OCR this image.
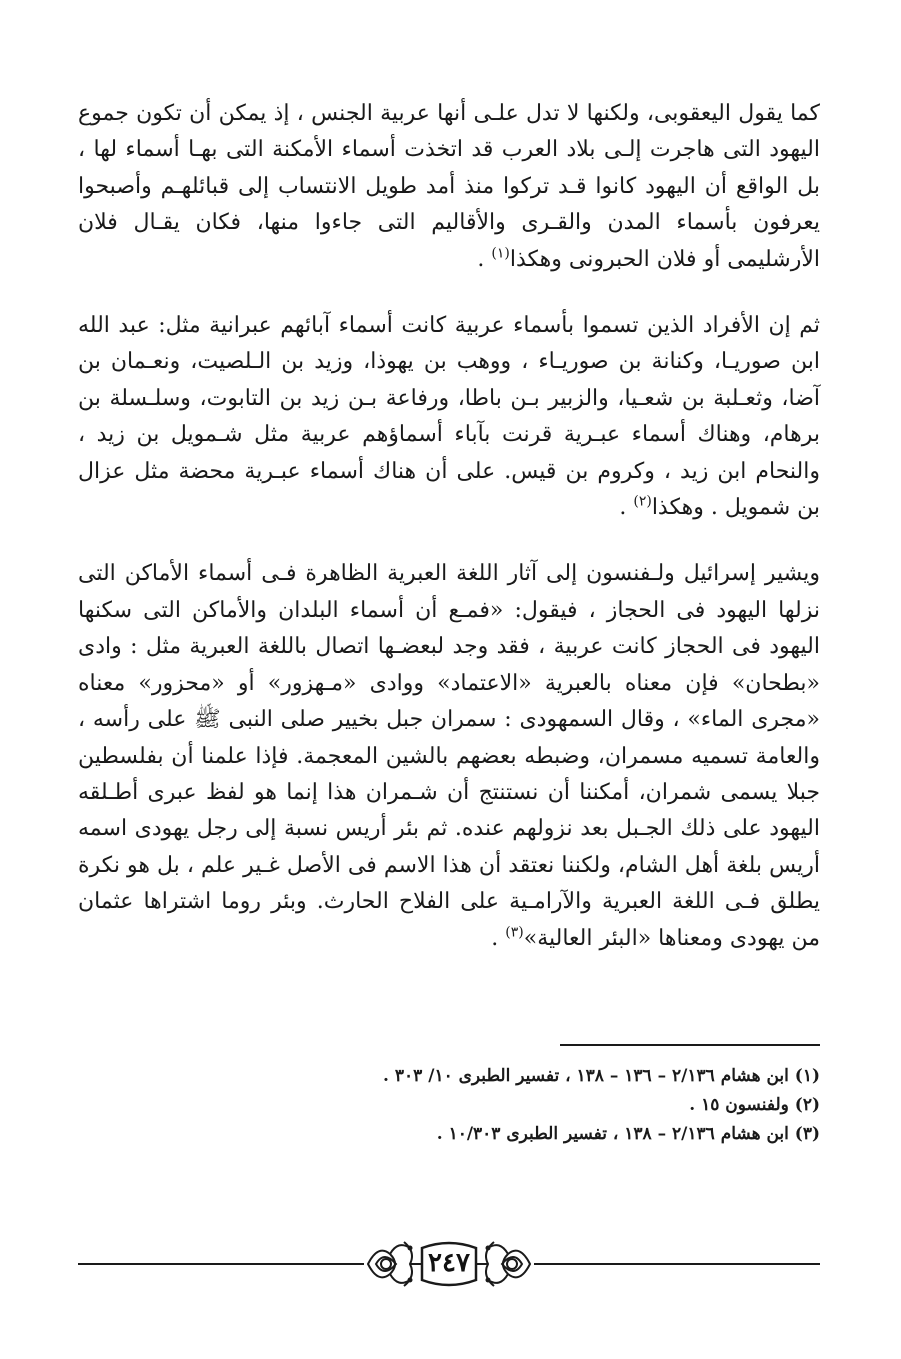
كما يقول اليعقوبى، ولكنها لا تدل علـى أنها عربية الجنس ، إذ يمكن أن تكون جموع اليهود التى هاجرت إلـى بلاد العرب قد اتخذت أسماء الأمكنة التى بهـا أسماء لها ، بل الواقع أن اليهود كانوا قـد تركوا منذ أمد طويل الانتساب إلى قبائلهـم وأصبحوا يعرفون بأسماء المدن والقـرى والأقاليم التى جاءوا منها، فكان يقـال فلان الأرشليمى أو فلان الحبرونى وهكذا$^{(١)}$ .

ثم إن الأفراد الذين تسموا بأسماء عربية كانت أسماء آبائهم عبرانية مثل: عبد الله ابن صوريـا، وكنانة بن صوريـاء ، ووهب بن يهوذا، وزيد بن الـلصيت، ونعـمان بن آضا، وثعـلبة بن شعـيا، والزبير بـن باطا، ورفاعة بـن زيد بن التابوت، وسلـسلة بن برهام، وهناك أسماء عبـرية قرنت بآباء أسماؤهم عربية مثل شـمويل بن زيد ، والنحام ابن زيد ، وكروم بن قيس. على أن هناك أسماء عبـرية محضة مثل عزال بن شمويل . وهكذا$^{(٢)}$ .

ويشير إسرائيل ولـفنسون إلى آثار اللغة العبرية الظاهرة فـى أسماء الأماكن التى نزلها اليهود فى الحجاز ، فيقول: «فمـع أن أسماء البلدان والأماكن التى سكنها اليهود فى الحجاز كانت عربية ، فقد وجد لبعضـها اتصال باللغة العبرية مثل : وادى «بطحان» فإن معناه بالعبرية «الاعتماد» ووادى «مـهزور» أو «محزور» معناه «مجرى الماء» ، وقال السمهودى : سمران جبل بخيير صلى النبى ﷺ على رأسه ، والعامة تسميه مسمران، وضبطه بعضهم بالشين المعجمة. فإذا علمنا أن بفلسطين جبلا يسمى شمران، أمكننا أن نستنتج أن شـمران هذا إنما هو لفظ عبرى أطـلقه اليهود على ذلك الجـبل بعد نزولهم عنده. ثم بئر أريس نسبة إلى رجل يهودى اسمه أريس بلغة أهل الشام، ولكننا نعتقد أن هذا الاسم فى الأصل غـير علم ، بل هو نكرة يطلق فـى اللغة العبرية والآرامـية على الفلاح الحارث. وبئر روما اشتراها عثمان من يهودى ومعناها «البئر العالية»$^{(٣)}$ .

(١) ابن هشام ٢/١٣٦ – ١٣٦ – ١٣٨ ، تفسير الطبرى ١٠/ ٣٠٣ .
(٢) ولفنسون ١٥ .
(٣) ابن هشام ٢/١٣٦ – ١٣٨ ، تفسير الطبرى ١٠/٣٠٣ .
٢٤٧
